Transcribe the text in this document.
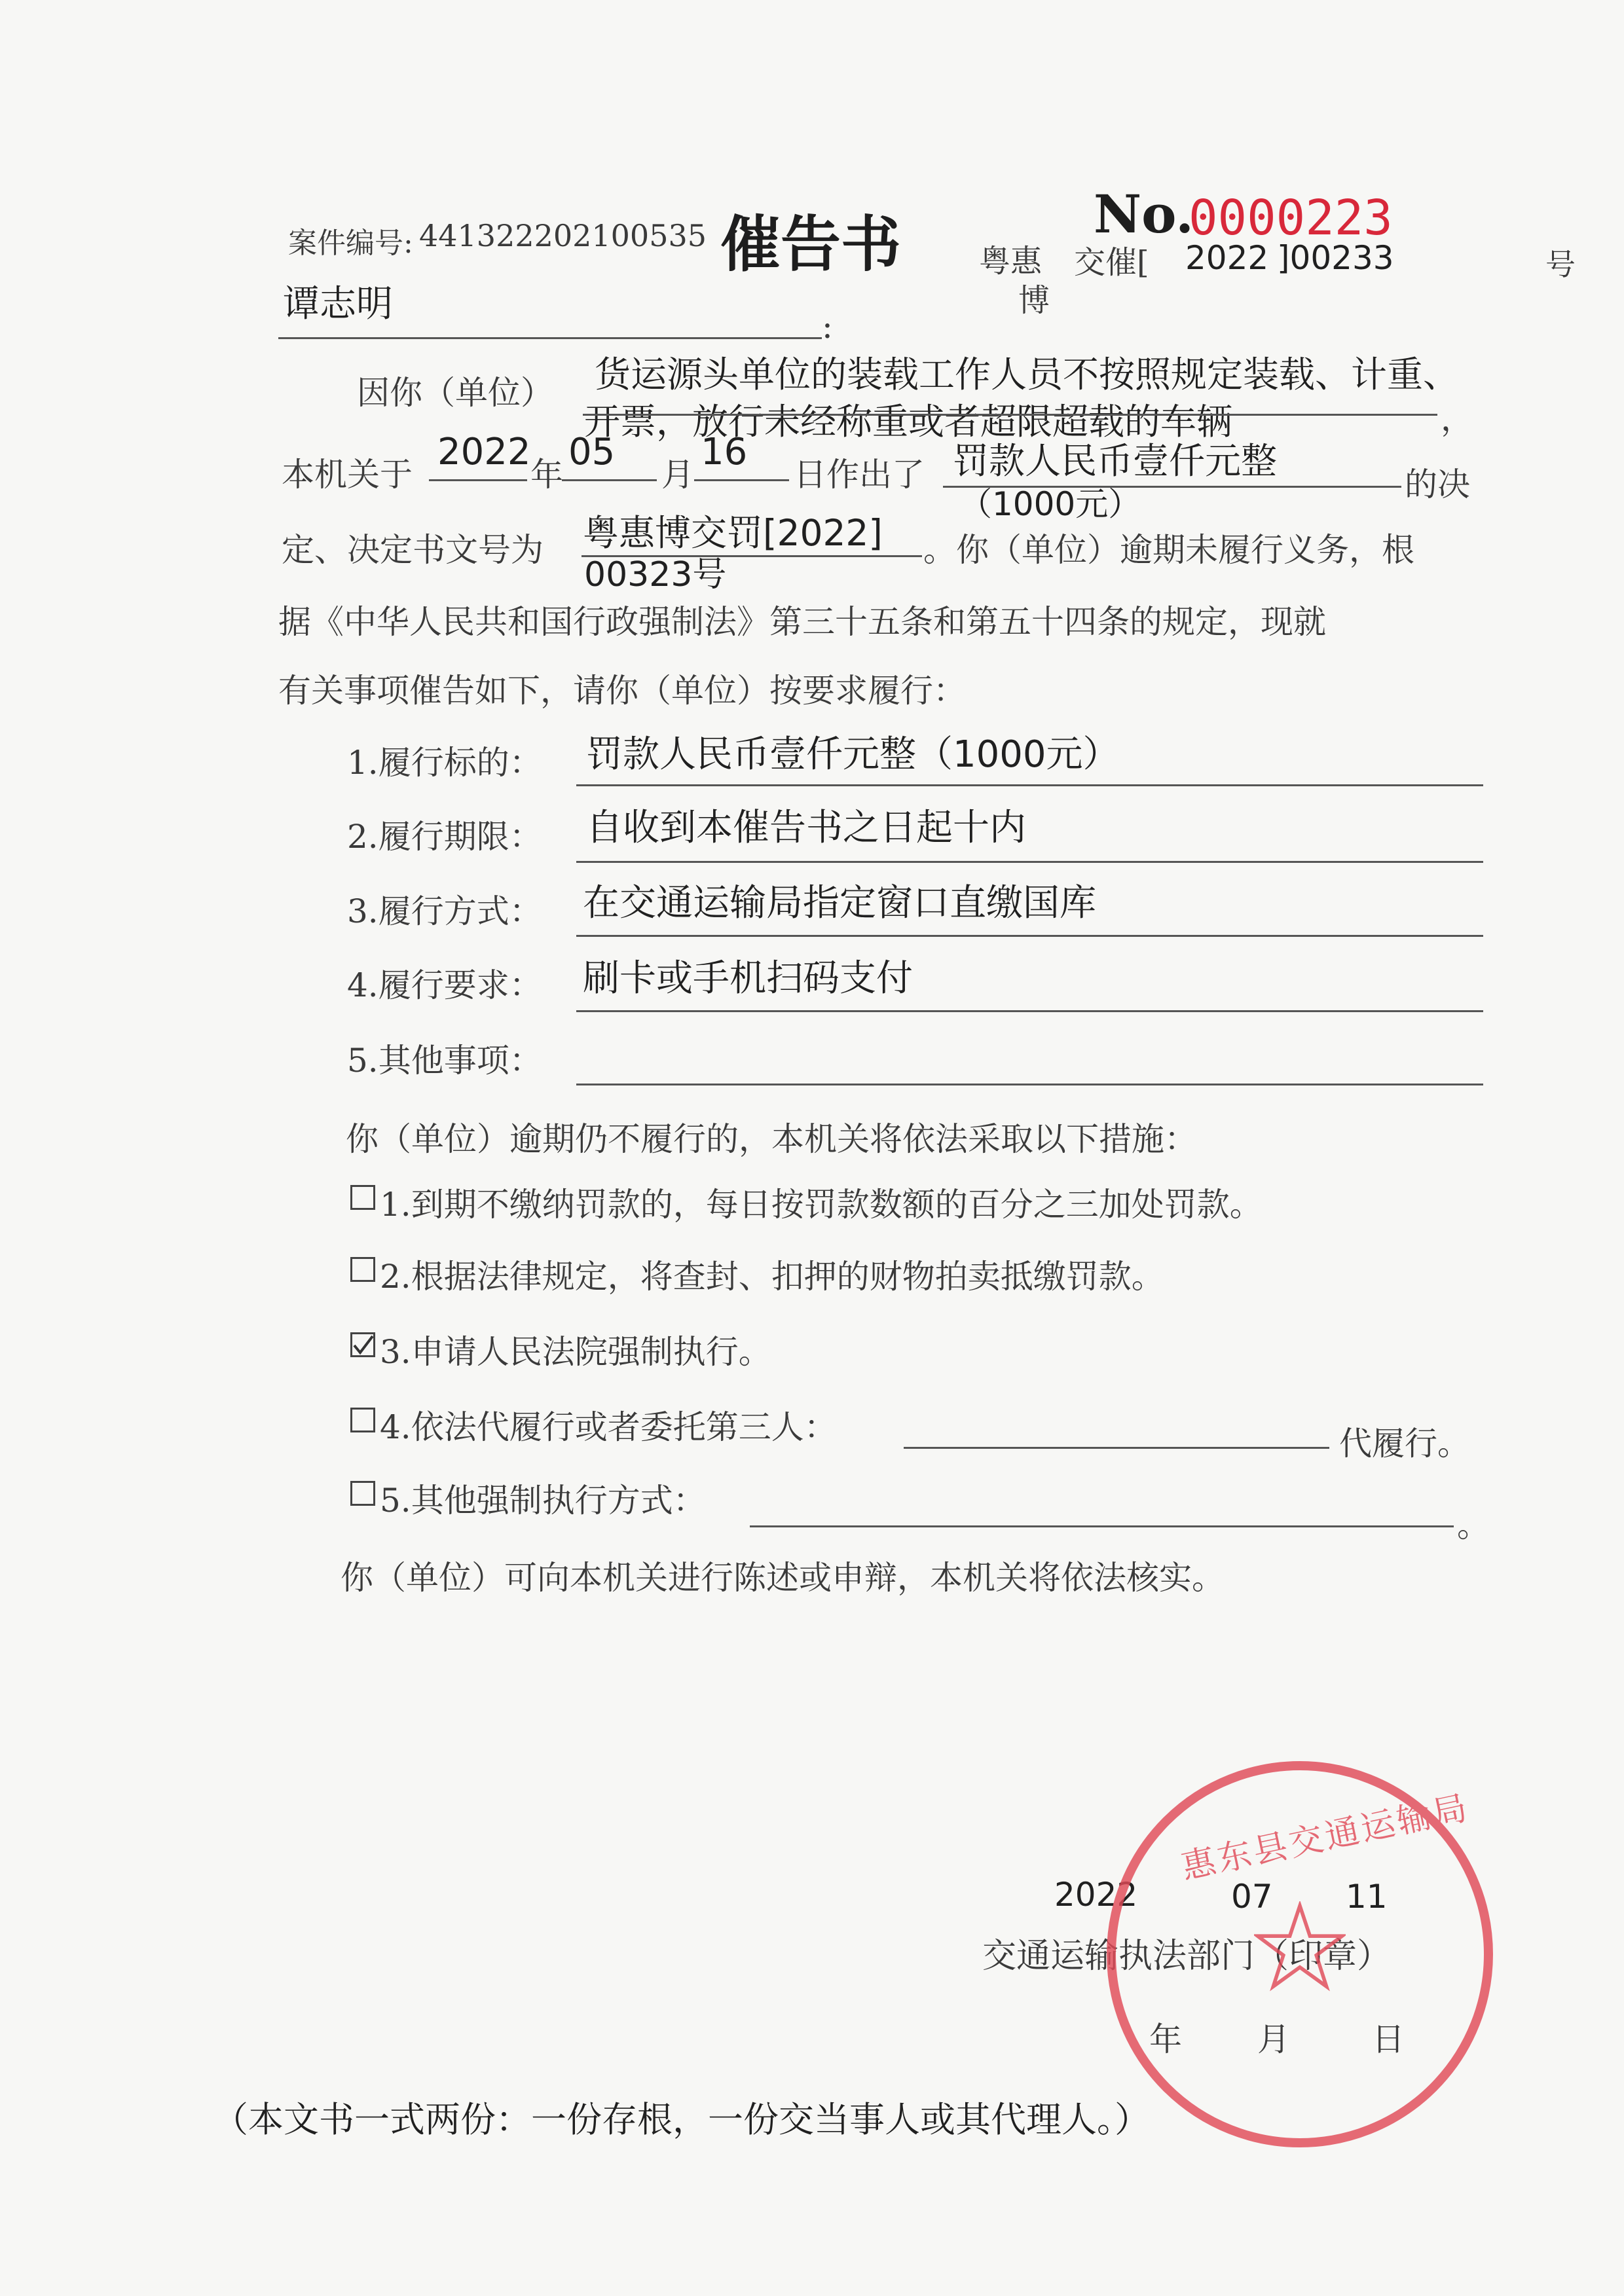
案件编号: 441322202100535 催告书	No.
0000223
粤惠
博
交催[ 2022 ]00233	号
谭志明
:
因你（单位） 货运源头单位的装载工作人员不按照规定装载、计重、
开票，放行未经称重或者超限超载的车辆	，
本机关于
2022
年
05
月
16
日作出了 罚款人民币壹仟元整
（1000元）
的决
定、决定书文号为 粤惠博交罚[2022]
00323号
。你（单位）逾期未履行义务，根
据《中华人民共和国行政强制法》第三十五条和第五十四条的规定，现就
有关事项催告如下，请你（单位）按要求履行：
1.履行标的： 罚款人民币壹仟元整（1000元）
2.履行期限： 自收到本催告书之日起十内
3.履行方式： 在交通运输局指定窗口直缴国库
4.履行要求： 刷卡或手机扫码支付
5.其他事项：
你（单位）逾期仍不履行的，本机关将依法采取以下措施：
1.到期不缴纳罚款的，每日按罚款数额的百分之三加处罚款。
2.根据法律规定，将查封、扣押的财物拍卖抵缴罚款。
3.申请人民法院强制执行。
4.依法代履行或者委托第三人：	代履行。
5.其他强制执行方式：
。
你（单位）可向本机关进行陈述或申辩，本机关将依法核实。
2022	07 11
交通运输执法部门（印章）
年 月	日
惠东县交通运输局
（本文书一式两份：一份存根，一份交当事人或其代理人。）
